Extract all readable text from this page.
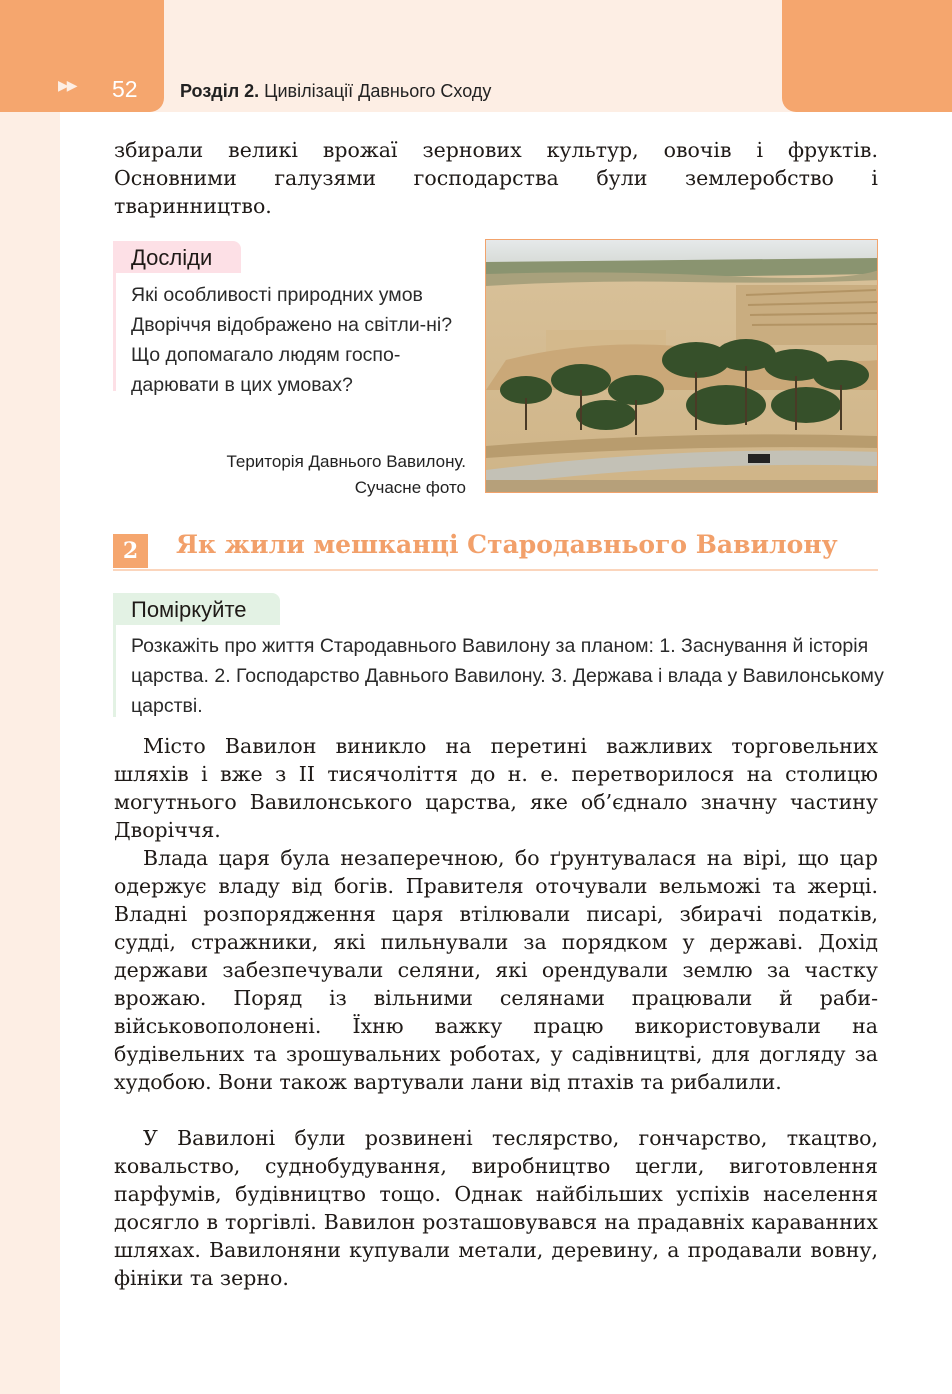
▶▶ 52 Розділ 2. Цивілізації Давнього Сходу

збирали великі врожаї зернових культур, овочів і фруктів. Основними галузями господарства були землеробство і тваринництво.

Досліди

Які особливості природних умов Дворіччя відображено на світли-ні? Що допомагало людям госпо-дарювати в цих умовах?

Територія Давнього Вавилону.
Сучасне фото
2	Як жили мешканці Стародавнього Вавилону
Поміркуйте

Розкажіть про життя Стародавнього Вавилону за планом: 1. Заснування й історія царства. 2. Господарство Давнього Вавилону. 3. Держава і влада у Вавилонському царстві.

Місто Вавилон виникло на перетині важливих торговельних шляхів і вже з II тисячоліття до н. е. перетворилося на столицю могутнього Вавилонського царства, яке об’єднало значну частину Дворіччя.

Влада царя була незаперечною, бо ґрунтувалася на вірі, що цар одержує владу від богів. Правителя оточували вельможі та жерці. Владні розпорядження царя втілювали писарі, збирачі податків, судді, стражники, які пильнували за порядком у державі. Дохід держави забезпечували селяни, які орендували землю за частку врожаю. Поряд із вільними селянами працювали й раби-військовополонені. Їхню важку працю використовували на будівельних та зрошувальних роботах, у садівництві, для догляду за худобою. Вони також вартували лани від птахів та рибалили.

У Вавилоні були розвинені теслярство, гончарство, ткацтво, ковальство, суднобудування, виробництво цегли, виготовлення парфумів, будівництво тощо. Однак найбільших успіхів населення досягло в торгівлі. Вавилон розташовувався на прадавніх караванних шляхах. Вавилоняни купували метали, деревину, а продавали вовну, фініки та зерно.
